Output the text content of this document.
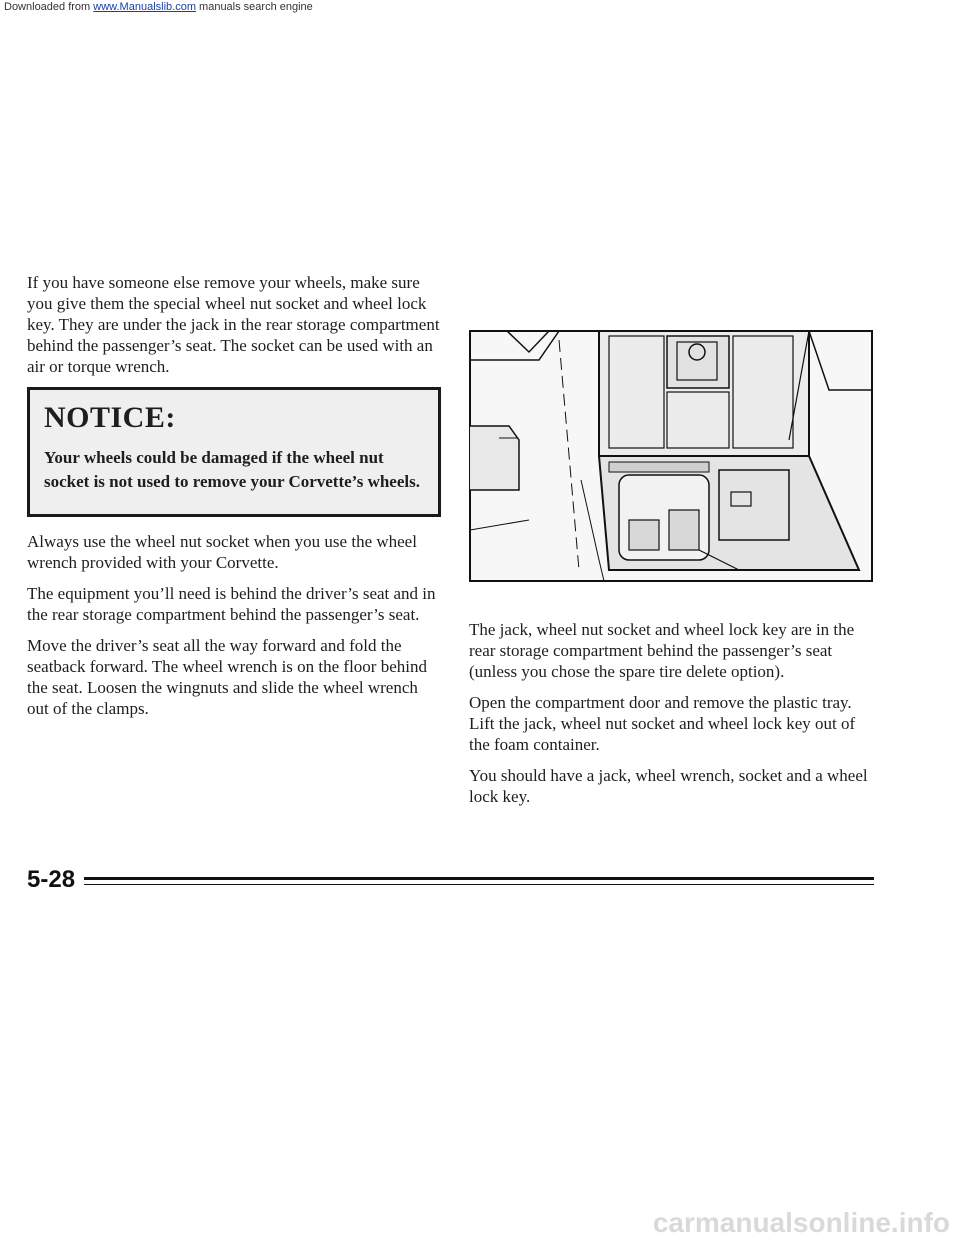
Downloaded from www.Manualslib.com manuals search engine

If you have someone else remove your wheels, make sure you give them the special wheel nut socket and wheel lock key. They are under the jack in the rear storage compartment behind the passenger’s seat. The socket can be used with an air or torque wrench.

NOTICE:

Your wheels could be damaged if the wheel nut socket is not used to remove your Corvette’s wheels.

Always use the wheel nut socket when you use the wheel wrench provided with your Corvette.

The equipment you’ll need is behind the driver’s seat and in the rear storage compartment behind the passenger’s seat.

Move the driver’s seat all the way forward and fold the seatback forward. The wheel wrench is on the floor behind the seat. Loosen the wingnuts and slide the wheel wrench out of the clamps.

The jack, wheel nut socket and wheel lock key are in the rear storage compartment behind the passenger’s seat (unless you chose the spare tire delete option).

Open the compartment door and remove the plastic tray. Lift the jack, wheel nut socket and wheel lock key out of the foam container.

You should have a jack, wheel wrench, socket and a wheel lock key.

5-28
carmanualsonline.info
